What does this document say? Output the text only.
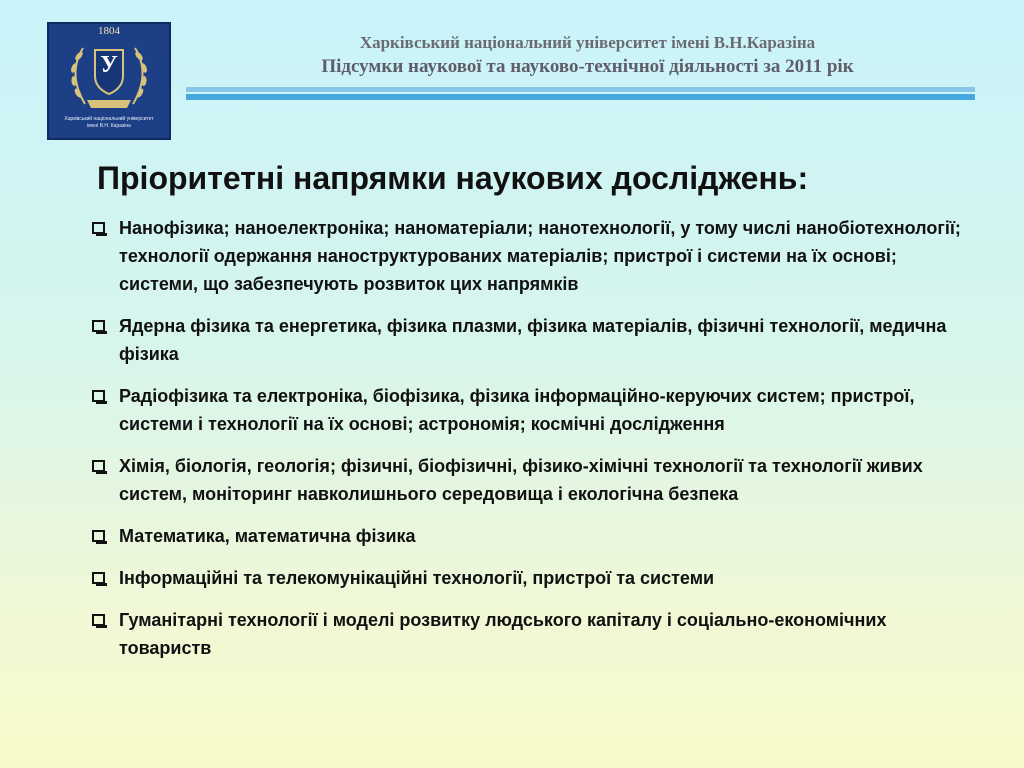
1804
У
Харківський національний університет імені В.Н. Каразіна
Харківський національний університет імені В.Н.Каразіна
Підсумки наукової та науково-технічної діяльності за 2011 рік
Пріоритетні напрямки наукових досліджень:
Нанофізика; наноелектроніка; наноматеріали; нанотехнології, у тому числі нанобіотехнології; технології одержання наноструктурованих матеріалів; пристрої і системи на їх основі; системи, що забезпечують розвиток цих напрямків
Ядерна фізика та енергетика, фізика плазми, фізика матеріалів, фізичні технології, медична фізика
Радіофізика та електроніка, біофізика, фізика інформаційно-керуючих систем; пристрої, системи і технології на їх основі; астрономія; космічні дослідження
Хімія, біологія, геологія; фізичні, біофізичні, фізико-хімічні технології та технології живих систем, моніторинг навколишнього середовища і екологічна безпека
Математика, математична фізика
Інформаційні та телекомунікаційні технології, пристрої та системи
Гуманітарні технології і моделі розвитку людського капіталу і соціально-економічних товариств
